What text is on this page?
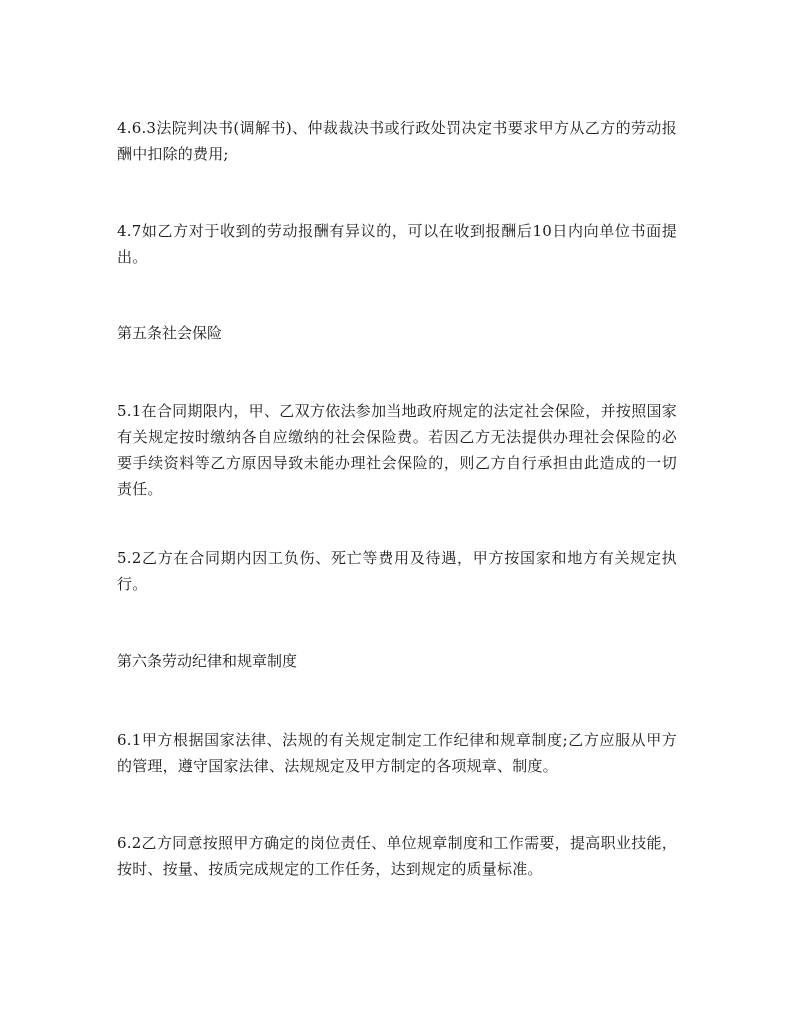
4.6.3法院判决书(调解书)、仲裁裁决书或行政处罚决定书要求甲方从乙方的劳动报酬中扣除的费用;

4.7如乙方对于收到的劳动报酬有异议的，可以在收到报酬后10日内向单位书面提出。

第五条社会保险

5.1在合同期限内，甲、乙双方依法参加当地政府规定的法定社会保险，并按照国家有关规定按时缴纳各自应缴纳的社会保险费。若因乙方无法提供办理社会保险的必要手续资料等乙方原因导致未能办理社会保险的，则乙方自行承担由此造成的一切责任。

5.2乙方在合同期内因工负伤、死亡等费用及待遇，甲方按国家和地方有关规定执行。

第六条劳动纪律和规章制度

6.1甲方根据国家法律、法规的有关规定制定工作纪律和规章制度;乙方应服从甲方的管理，遵守国家法律、法规规定及甲方制定的各项规章、制度。

6.2乙方同意按照甲方确定的岗位责任、单位规章制度和工作需要，提高职业技能，按时、按量、按质完成规定的工作任务，达到规定的质量标准。
